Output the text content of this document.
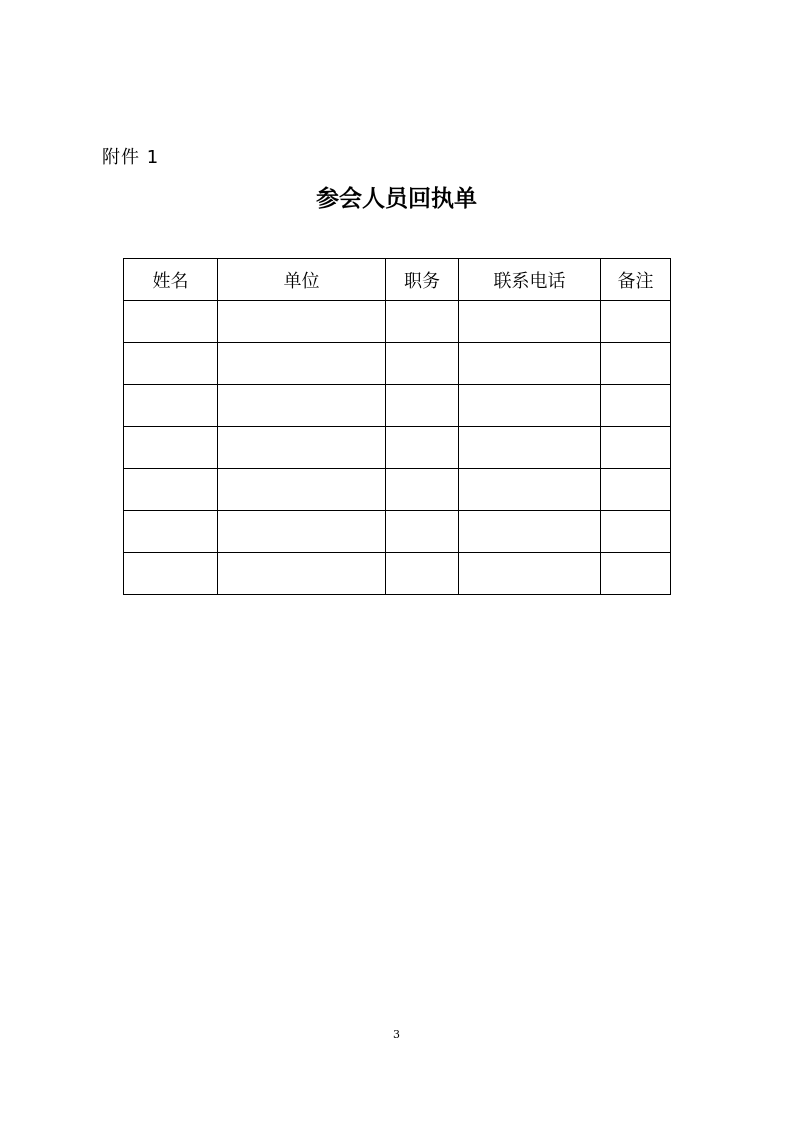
附件 1
参会人员回执单
姓名	单位	职务	联系电话	备注

3
